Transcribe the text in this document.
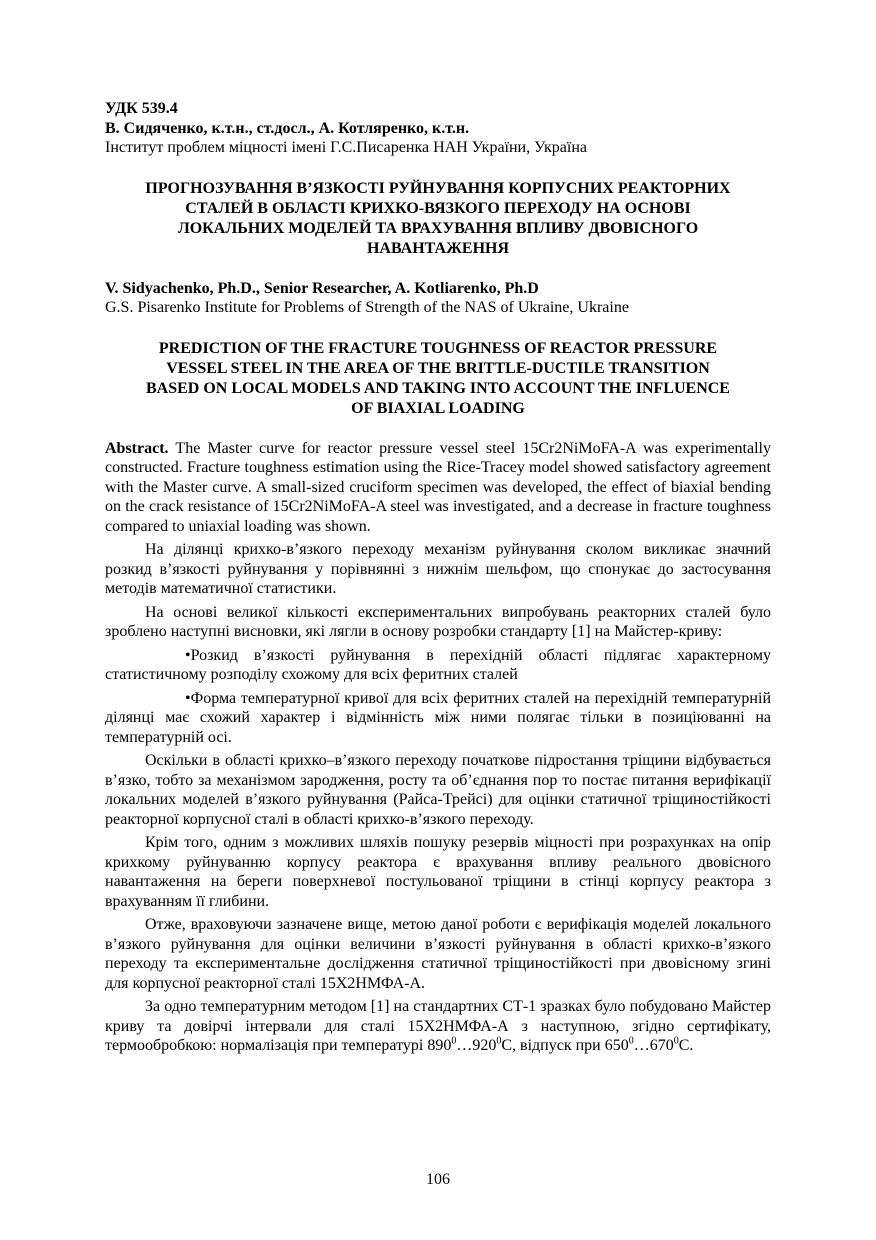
УДК 539.4
В. Сидяченко, к.т.н., ст.досл., А. Котляренко, к.т.н.
Інститут проблем міцності імені Г.С.Писаренка НАН України, Україна
ПРОГНОЗУВАННЯ В’ЯЗКОСТІ РУЙНУВАННЯ КОРПУСНИХ РЕАКТОРНИХ
СТАЛЕЙ В ОБЛАСТІ КРИХКО-ВЯЗКОГО ПЕРЕХОДУ НА ОСНОВІ
ЛОКАЛЬНИХ МОДЕЛЕЙ ТА ВРАХУВАННЯ ВПЛИВУ ДВОВІСНОГО
НАВАНТАЖЕННЯ
V. Sidyachenko, Ph.D., Senior Researcher, A. Kotliarenko, Ph.D
G.S. Pisarenko Institute for Problems of Strength of the NAS of Ukraine, Ukraine
PREDICTION OF THE FRACTURE TOUGHNESS OF REACTOR PRESSURE
VESSEL STEEL IN THE AREA OF THE BRITTLE-DUCTILE TRANSITION
BASED ON LOCAL MODELS AND TAKING INTO ACCOUNT THE INFLUENCE
OF BIAXIAL LOADING

Abstract. The Master curve for reactor pressure vessel steel 15Cr2NiMoFA-A was experimentally constructed. Fracture toughness estimation using the Rice-Tracey model showed satisfactory agreement with the Master curve. A small-sized cruciform specimen was developed, the effect of biaxial bending on the crack resistance of 15Cr2NiMoFA-A steel was investigated, and a decrease in fracture toughness compared to uniaxial loading was shown.

На ділянці крихко-в’язкого переходу механізм руйнування сколом викликає значний розкид в’язкості руйнування у порівнянні з нижнім шельфом, що спонукає до застосування методів математичної статистики.

На основі великої кількості експериментальних випробувань реакторних сталей було зроблено наступні висновки, які лягли в основу розробки стандарту [1] на Майстер-криву:

•Розкид в’язкості руйнування в перехідній області підлягає характерному статистичному розподілу схожому для всіх феритних сталей

•Форма температурної кривої для всіх феритних сталей на перехідній температурній ділянці має схожий характер і відмінність між ними полягає тільки в позиціюванні на температурній осі.

Оскільки в області крихко–в’язкого переходу початкове підростання тріщини відбувається в’язко, тобто за механізмом зародження, росту та об’єднання пор то постає питання верифікації локальних моделей в’язкого руйнування (Райса-Трейсі) для оцінки статичної тріщиностійкості реакторної корпусної сталі в області крихко-в’язкого переходу.

Крім того, одним з можливих шляхів пошуку резервів міцності при розрахунках на опір крихкому руйнуванню корпусу реактора є врахування впливу реального двовісного навантаження на береги поверхневої постульованої тріщини в стінці корпусу реактора з врахуванням її глибини.

Отже, враховуючи зазначене вище, метою даної роботи є верифікація моделей локального в’язкого руйнування для оцінки величини в’язкості руйнування в області крихко-в’язкого переходу та експериментальне дослідження статичної тріщиностійкості при двовісному згині для корпусної реакторної сталі 15Х2НМФА-А.

За одно температурним методом [1] на стандартних СТ-1 зразках було побудовано Майстер криву та довірчі інтервали для сталі 15Х2НМФА-А з наступною, згідно сертифікату, термообробкою: нормалізація при температурі $890^0\dots 920^0С$, відпуск при $650^0\dots 670^0С$.

106
